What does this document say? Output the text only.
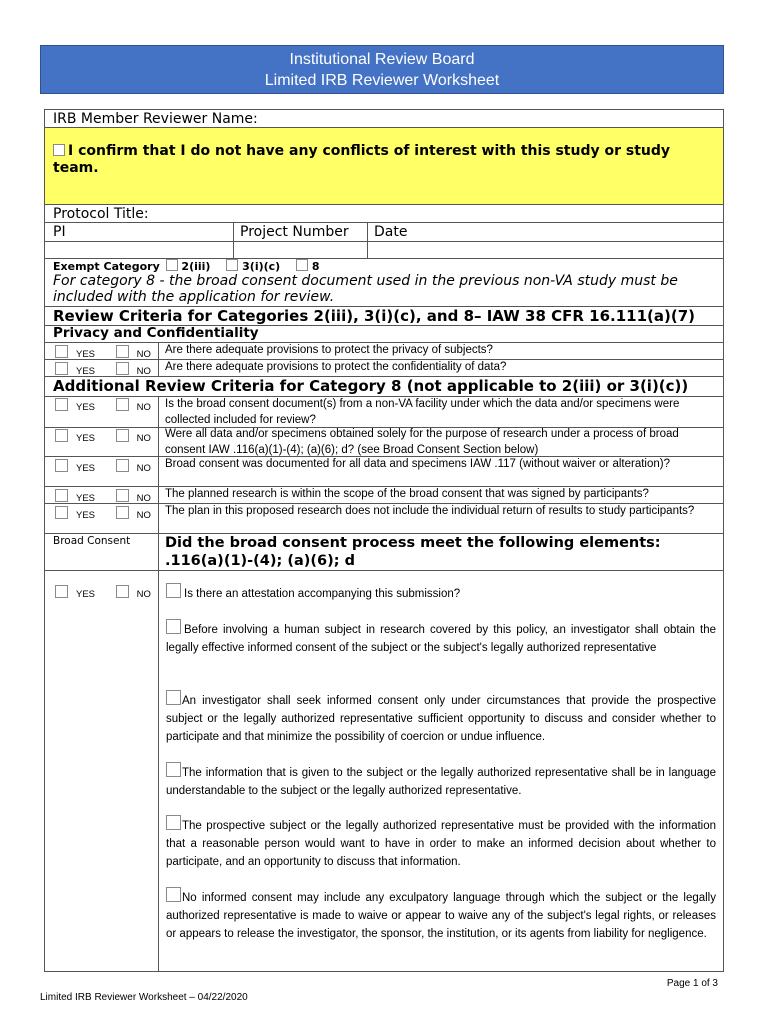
Institutional Review Board
Limited IRB Reviewer Worksheet
IRB Member Reviewer Name:
I confirm that I do not have any conflicts of interest with this study or study team.
Protocol Title:
PI	Project Number Date
Exempt Category 2(iii)	3(i)(c)	8
For category 8 - the broad consent document used in the previous non-VA study must be included with the application for review.
Review Criteria for Categories 2(iii), 3(i)(c), and 8– IAW 38 CFR 16.111(a)(7)
Privacy and Confidentiality
YES	NO Are there adequate provisions to protect the privacy of subjects?
YES	NO Are there adequate provisions to protect the confidentiality of data?
Additional Review Criteria for Category 8 (not applicable to 2(iii) or 3(i)(c))
YES	NO Is the broad consent document(s) from a non-VA facility under which the data and/or specimens were collected included for review?
YES	NO Were all data and/or specimens obtained solely for the purpose of research under a process of broad consent IAW .116(a)(1)-(4); (a)(6); d? (see Broad Consent Section below)
YES	NO Broad consent was documented for all data and specimens IAW .117 (without waiver or alteration)?
YES	NO The planned research is within the scope of the broad consent that was signed by participants?
YES	NO The plan in this proposed research does not include the individual return of results to study participants?
Broad Consent Did the broad consent process meet the following elements: .116(a)(1)-(4); (a)(6); d
YES	NO	Is there an attestation accompanying this submission?
Before involving a human subject in research covered by this policy, an investigator shall obtain the legally effective informed consent of the subject or the subject's legally authorized representative
An investigator shall seek informed consent only under circumstances that provide the prospective subject or the legally authorized representative sufficient opportunity to discuss and consider whether to participate and that minimize the possibility of coercion or undue influence.
The information that is given to the subject or the legally authorized representative shall be in language understandable to the subject or the legally authorized representative.
The prospective subject or the legally authorized representative must be provided with the information that a reasonable person would want to have in order to make an informed decision about whether to participate, and an opportunity to discuss that information.
No informed consent may include any exculpatory language through which the subject or the legally authorized representative is made to waive or appear to waive any of the subject's legal rights, or releases or appears to release the investigator, the sponsor, the institution, or its agents from liability for negligence.
Page 1 of 3
Limited IRB Reviewer Worksheet – 04/22/2020
